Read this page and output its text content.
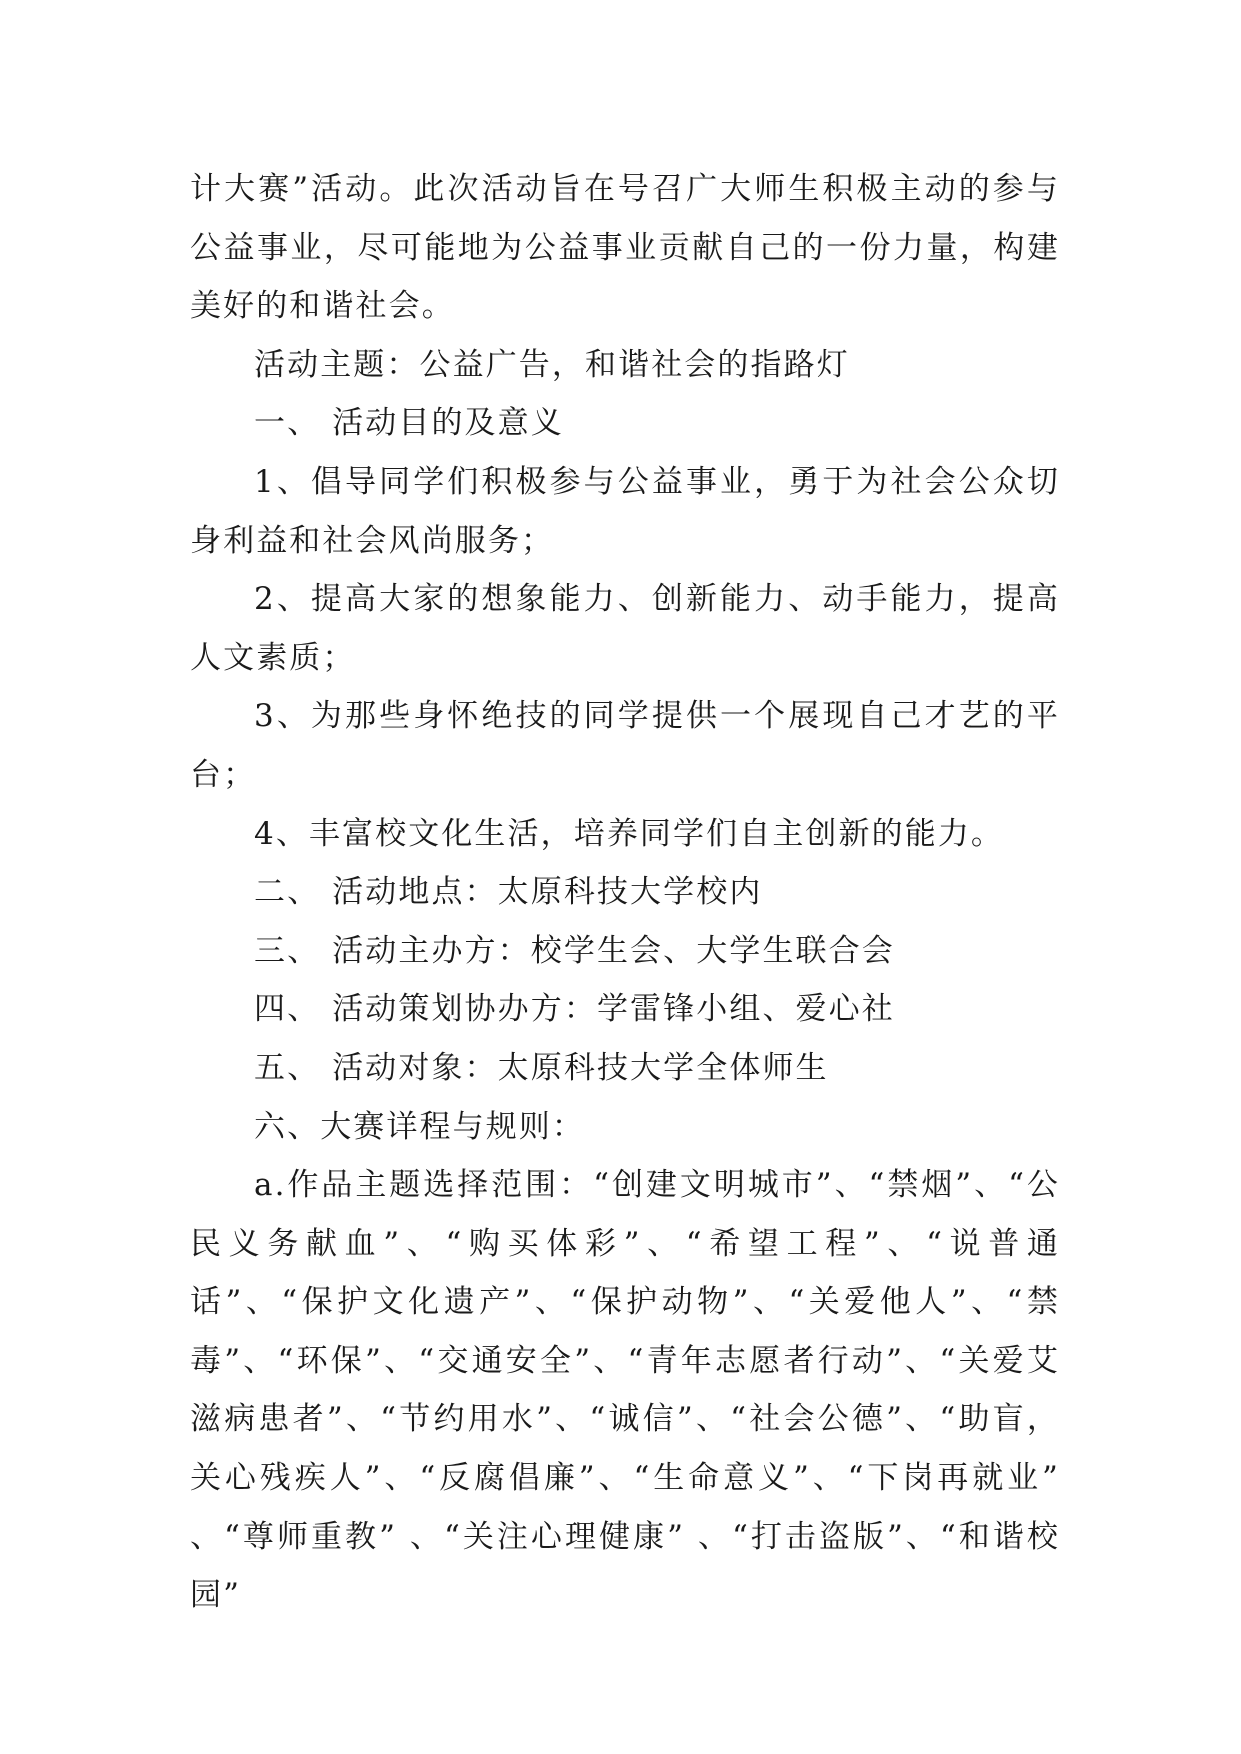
计大赛”活动。此次活动旨在号召广大师生积极主动的参与公益事业，尽可能地为公益事业贡献自己的一份力量，构建美好的和谐社会。

活动主题：公益广告，和谐社会的指路灯

一、 活动目的及意义

1、倡导同学们积极参与公益事业，勇于为社会公众切身利益和社会风尚服务；

2、提高大家的想象能力、创新能力、动手能力，提高人文素质；

3、为那些身怀绝技的同学提供一个展现自己才艺的平台；

4、丰富校文化生活，培养同学们自主创新的能力。

二、 活动地点：太原科技大学校内

三、 活动主办方：校学生会、大学生联合会

四、 活动策划协办方：学雷锋小组、爱心社

五、 活动对象：太原科技大学全体师生

六、大赛详程与规则：

a.作品主题选择范围：“创建文明城市”、“禁烟”、“公民义务献血”、“购买体彩”、“希望工程”、“说普通话”、“保护文化遗产”、“保护动物”、“关爱他人”、“禁毒”、“环保”、“交通安全”、“青年志愿者行动”、“关爱艾滋病患者”、“节约用水”、“诚信”、“社会公德”、“助盲，关心残疾人”、“反腐倡廉”、“生命意义”、“下岗再就业” 、“尊师重教” 、“关注心理健康” 、“打击盗版”、“和谐校园”
